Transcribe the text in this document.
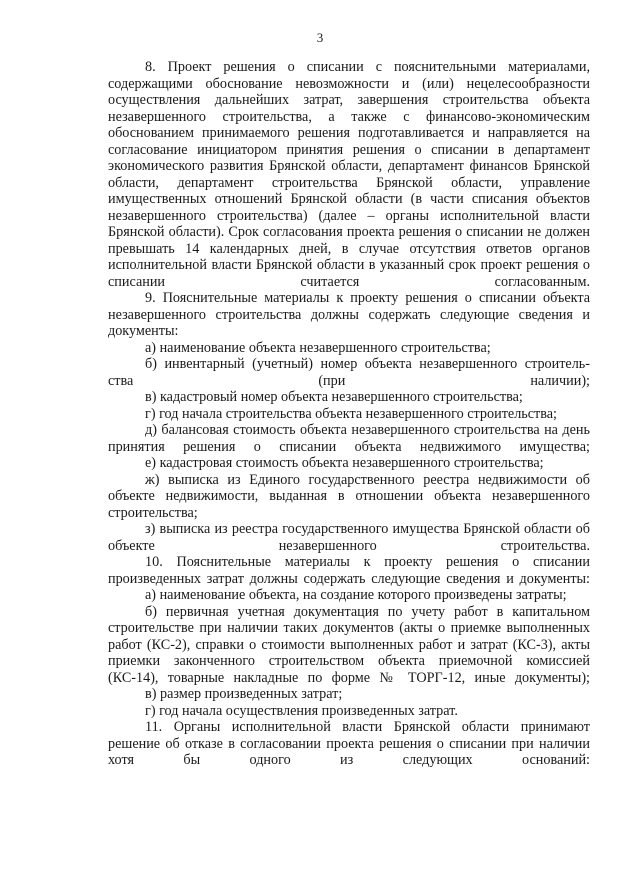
3

8. Проект решения о списании с пояснительными материалами, содержащими обоснование невозможности и (или) нецелесообразности осуществления дальнейших затрат, завершения строительства объекта незавершенного строительства, а также с финансово-экономическим обоснованием принимаемого решения подготавливается и направляется на согласование инициатором принятия решения о списании в департамент экономического развития Брянской области, департамент финансов Брянской области, департамент строительства Брянской области, управление имущественных отношений Брянской области (в части списания объектов незавершенного строительства) (далее – органы исполнительной власти Брянской области). Срок согласования проекта решения о списании не должен превышать 14 календарных дней, в случае отсутствия ответов органов исполнительной власти Брянской области в указанный срок проект решения о списании считается согласованным.

9. Пояснительные материалы к проекту решения о списании объекта незавершенного строительства должны содержать следующие сведения и документы:

а) наименование объекта незавершенного строительства;

б) инвентарный (учетный) номер объекта незавершенного строитель-ства (при наличии);

в) кадастровый номер объекта незавершенного строительства;

г) год начала строительства объекта незавершенного строительства;

д) балансовая стоимость объекта незавершенного строительства на день принятия решения о списании объекта недвижимого имущества;

е) кадастровая стоимость объекта незавершенного строительства;

ж) выписка из Единого государственного реестра недвижимости об объекте недвижимости, выданная в отношении объекта незавершенного строительства;

з) выписка из реестра государственного имущества Брянской области об объекте незавершенного строительства.

10. Пояснительные материалы к проекту решения о списании произведенных затрат должны содержать следующие сведения и документы:

а) наименование объекта, на создание которого произведены затраты;

б) первичная учетная документация по учету работ в капитальном строительстве при наличии таких документов (акты о приемке выполненных работ (КС-2), справки о стоимости выполненных работ и затрат (КС-3), акты приемки законченного строительством объекта приемочной комиссией (КС-14), товарные накладные по форме № ТОРГ-12, иные документы);

в) размер произведенных затрат;

г) год начала осуществления произведенных затрат.

11. Органы исполнительной власти Брянской области принимают решение об отказе в согласовании проекта решения о списании при наличии хотя бы одного из следующих оснований:
